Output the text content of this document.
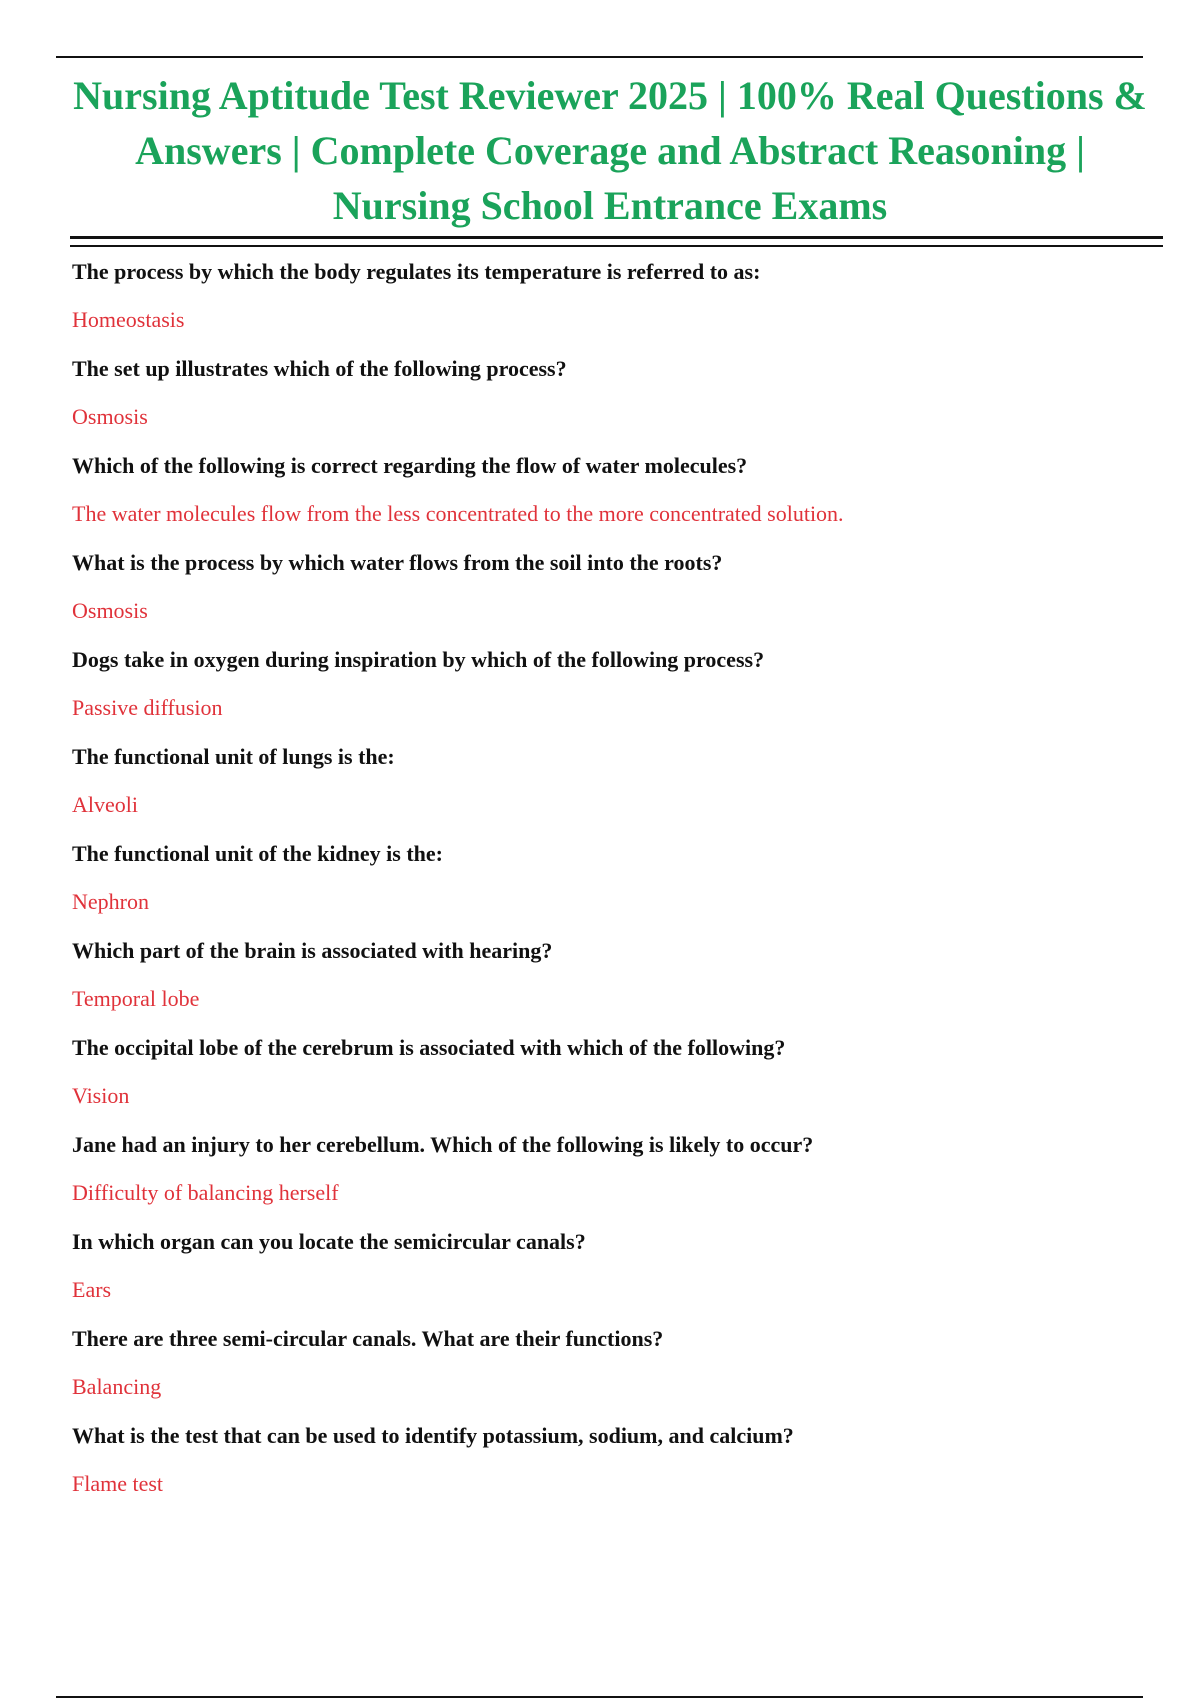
Nursing Aptitude Test Reviewer 2025 | 100% Real Questions &
Answers | Complete Coverage and Abstract Reasoning |
Nursing School Entrance Exams

The process by which the body regulates its temperature is referred to as:

Homeostasis

The set up illustrates which of the following process?

Osmosis

Which of the following is correct regarding the flow of water molecules?

The water molecules flow from the less concentrated to the more concentrated solution.

What is the process by which water flows from the soil into the roots?

Osmosis

Dogs take in oxygen during inspiration by which of the following process?

Passive diffusion

The functional unit of lungs is the:

Alveoli

The functional unit of the kidney is the:

Nephron

Which part of the brain is associated with hearing?

Temporal lobe

The occipital lobe of the cerebrum is associated with which of the following?

Vision

Jane had an injury to her cerebellum. Which of the following is likely to occur?

Difficulty of balancing herself

In which organ can you locate the semicircular canals?

Ears

There are three semi-circular canals. What are their functions?

Balancing

What is the test that can be used to identify potassium, sodium, and calcium?

Flame test
